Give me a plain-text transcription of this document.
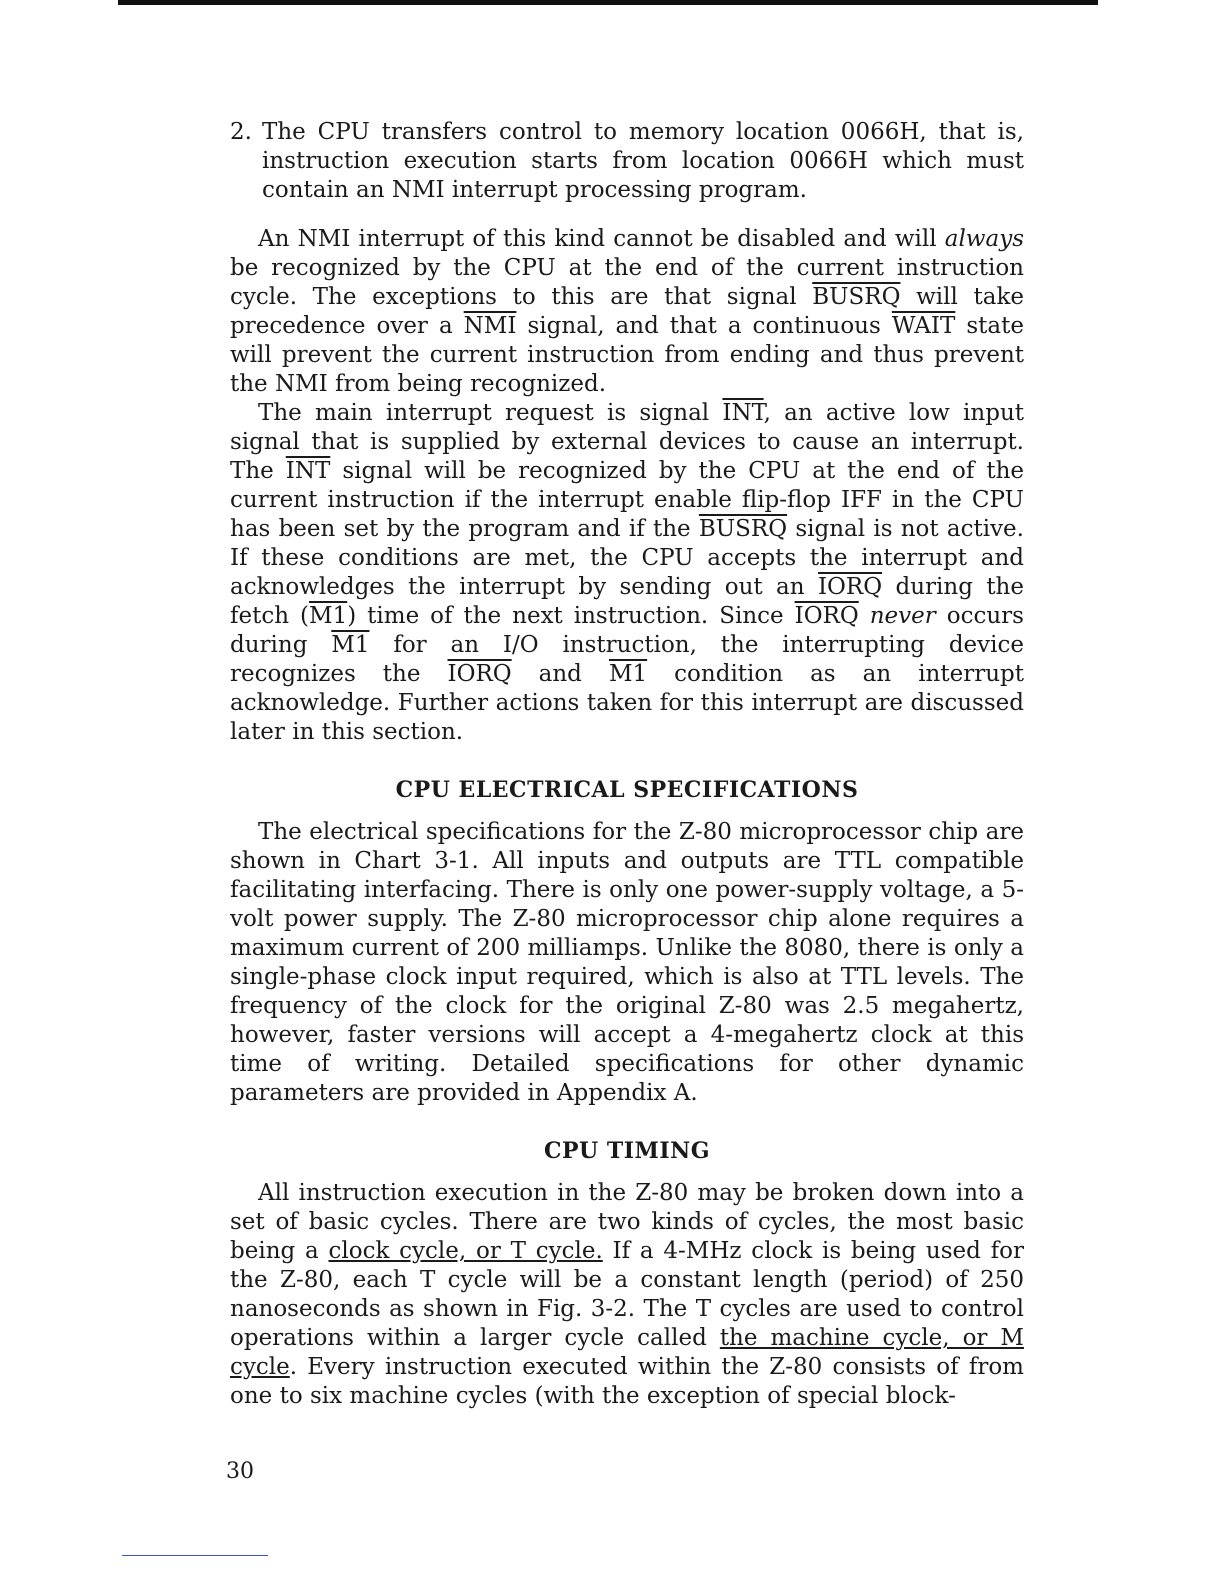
2. The CPU transfers control to memory location 0066H, that is, instruction execution starts from location 0066H which must contain an NMI interrupt processing program.

An NMI interrupt of this kind cannot be disabled and will always be recognized by the CPU at the end of the current instruction cycle. The exceptions to this are that signal BUSRQ will take precedence over a $\overline{NMI}$ signal, and that a continuous WAIT state will prevent the current instruction from ending and thus prevent the NMI from being recognized.

The main interrupt request is signal $\overline{INT}$, an active low input signal that is supplied by external devices to cause an interrupt. The $\overline{INT}$ signal will be recognized by the CPU at the end of the current instruction if the interrupt enable flip-flop IFF in the CPU has been set by the program and if the BUSRQ signal is not active. If these conditions are met, the CPU accepts the interrupt and acknowledges the interrupt by sending out an IORQ during the fetch (M1) time of the next instruction. Since IORQ never occurs during M1 for an I/O instruction, the interrupting device recognizes the IORQ and M1 condition as an interrupt acknowledge. Further actions taken for this interrupt are discussed later in this section.

CPU ELECTRICAL SPECIFICATIONS

The electrical specifications for the Z-80 microprocessor chip are shown in Chart 3-1. All inputs and outputs are TTL compatible facilitating interfacing. There is only one power-supply voltage, a 5-volt power supply. The Z-80 microprocessor chip alone requires a maximum current of 200 milliamps. Unlike the 8080, there is only a single-phase clock input required, which is also at TTL levels. The frequency of the clock for the original Z-80 was 2.5 megahertz, however, faster versions will accept a 4-megahertz clock at this time of writing. Detailed specifications for other dynamic parameters are provided in Appendix A.

CPU TIMING

All instruction execution in the Z-80 may be broken down into a set of basic cycles. There are two kinds of cycles, the most basic being a clock cycle, or T cycle. If a 4-MHz clock is being used for the Z-80, each T cycle will be a constant length (period) of 250 nanoseconds as shown in Fig. 3-2. The T cycles are used to control operations within a larger cycle called the machine cycle, or M cycle. Every instruction executed within the Z-80 consists of from one to six machine cycles (with the exception of special block-

30
